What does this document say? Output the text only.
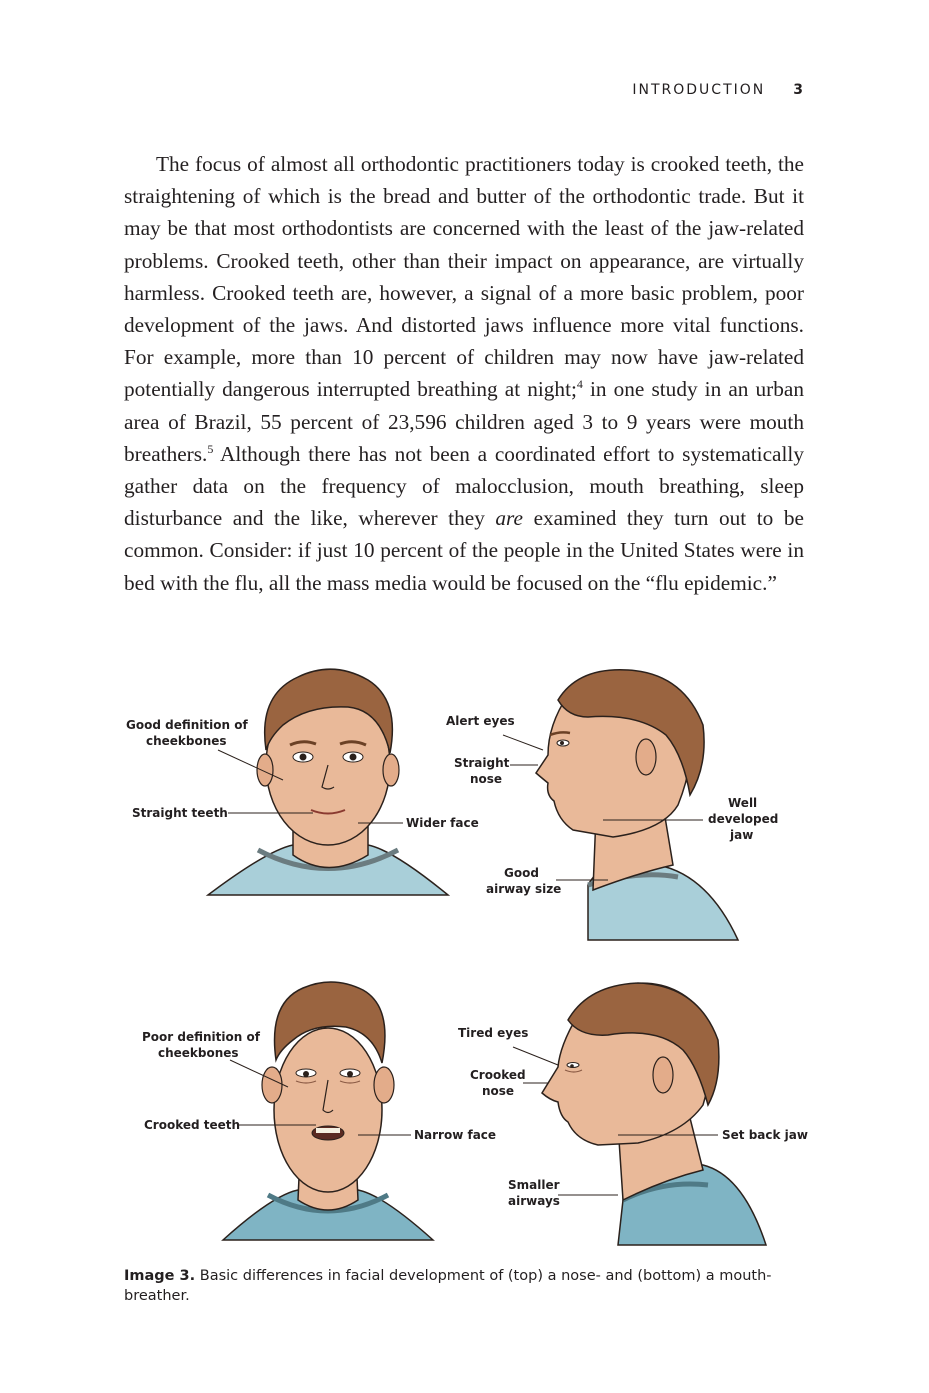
INTRODUCTION 3

The focus of almost all orthodontic practitioners today is crooked teeth, the straightening of which is the bread and butter of the orthodontic trade. But it may be that most orthodontists are concerned with the least of the jaw-related problems. Crooked teeth, other than their impact on appearance, are virtually harmless. Crooked teeth are, however, a signal of a more basic problem, poor development of the jaws. And distorted jaws influence more vital functions. For example, more than 10 percent of children may now have jaw-related potentially dangerous interrupted breathing at night;$^4$ in one study in an urban area of Brazil, 55 percent of 23,596 children aged 3 to 9 years were mouth breathers.$^5$ Although there has not been a coordinated effort to systematically gather data on the frequency of malocclusion, mouth breathing, sleep disturbance and the like, wherever they are examined they turn out to be common. Consider: if just 10 percent of the people in the United States were in bed with the flu, all the mass media would be focused on the “flu epidemic.”

Good definition of
cheekbones
Straight teeth
Wider face
Alert eyes
Straight
nose
Well
developed
jaw
Good
airway size
Poor definition of
cheekbones
Crooked teeth
Narrow face
Tired eyes
Crooked
nose
Set back jaw
Smaller
airways
Image 3. Basic differences in facial development of (top) a nose- and (bottom) a mouth-breather.
